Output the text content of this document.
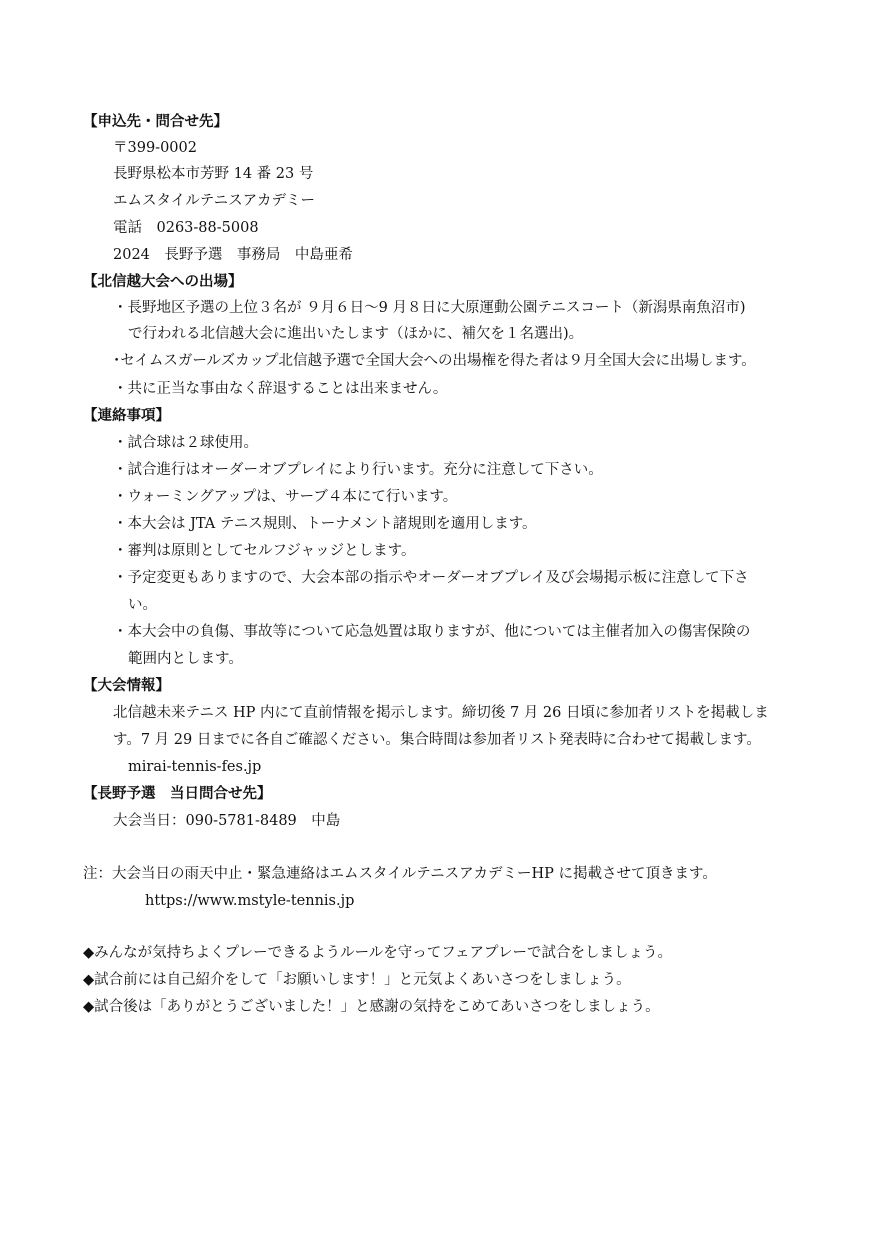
【申込先・問合せ先】
〒399-0002
長野県松本市芳野 14 番 23 号
エムスタイルテニスアカデミー
電話　0263-88-5008
2024　長野予選　事務局　中島亜希
【北信越大会への出場】
・長野地区予選の上位３名が ９月６日～9 月８日に大原運動公園テニスコート（新潟県南魚沼市)
で行われる北信越大会に進出いたします（ほかに、補欠を１名選出)。
･セイムスガールズカップ北信越予選で全国大会への出場権を得た者は９月全国大会に出場します。
・共に正当な事由なく辞退することは出来ません。
【連絡事項】
・試合球は２球使用。
・試合進行はオーダーオブプレイにより行います。充分に注意して下さい。
・ウォーミングアップは、サーブ４本にて行います。
・本大会は JTA テニス規則、トーナメント諸規則を適用します。
・審判は原則としてセルフジャッジとします。
・予定変更もありますので、大会本部の指示やオーダーオブプレイ及び会場掲示板に注意して下さ
い。
・本大会中の負傷、事故等について応急処置は取りますが、他については主催者加入の傷害保険の
範囲内とします。
【大会情報】
北信越未来テニス HP 内にて直前情報を掲示します。締切後 7 月 26 日頃に参加者リストを掲載しま
す。7 月 29 日までに各自ご確認ください。集合時間は参加者リスト発表時に合わせて掲載します。
mirai-tennis-fes.jp
【長野予選　当日問合せ先】
大会当日：090-5781-8489　中島
注：大会当日の雨天中止・緊急連絡はエムスタイルテニスアカデミーHP に掲載させて頂きます。
https://www.mstyle-tennis.jp
◆みんなが気持ちよくプレーできるようルールを守ってフェアプレーで試合をしましょう。
◆試合前には自己紹介をして「お願いします！」と元気よくあいさつをしましょう。
◆試合後は「ありがとうございました！」と感謝の気持をこめてあいさつをしましょう。
